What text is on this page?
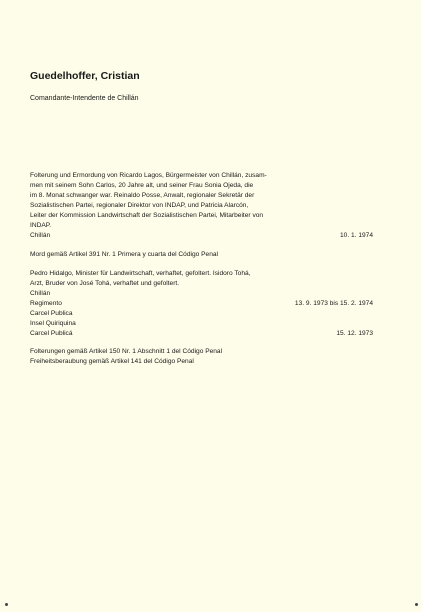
Guedelhoffer, Cristian
Comandante-Intendente de Chillán
Folterung und Ermordung von Ricardo Lagos, Bürgermeister von Chillán, zusam-
men mit seinem Sohn Carlos, 20 Jahre alt, und seiner Frau Sonia Ojeda, die
im 8. Monat schwanger war. Reinaldo Posse, Anwalt, regionaler Sekretär der
Sozialistischen Partei, regionaler Direktor von INDAP, und Patricia Alarcón,
Leiter der Kommission Landwirtschaft der Sozialistischen Partei, Mitarbeiter von
INDAP.
Chillán	10. 1. 1974
Mord gemäß Artikel 391 Nr. 1 Primera y cuarta del Código Penal
Pedro Hidalgo, Minister für Landwirtschaft, verhaftet, gefoltert. Isidoro Tohá,
Arzt, Bruder von José Tohá, verhaftet und gefoltert.
Chillán
Regimento	13. 9. 1973 bis 15. 2. 1974
Carcel Publica
Insel Quiriquina
Carcel Publicá	15. 12. 1973
Folterungen gemäß Artikel 150 Nr. 1 Abschnitt 1 del Código Penal
Freiheitsberaubung gemäß Artikel 141 del Código Penal
